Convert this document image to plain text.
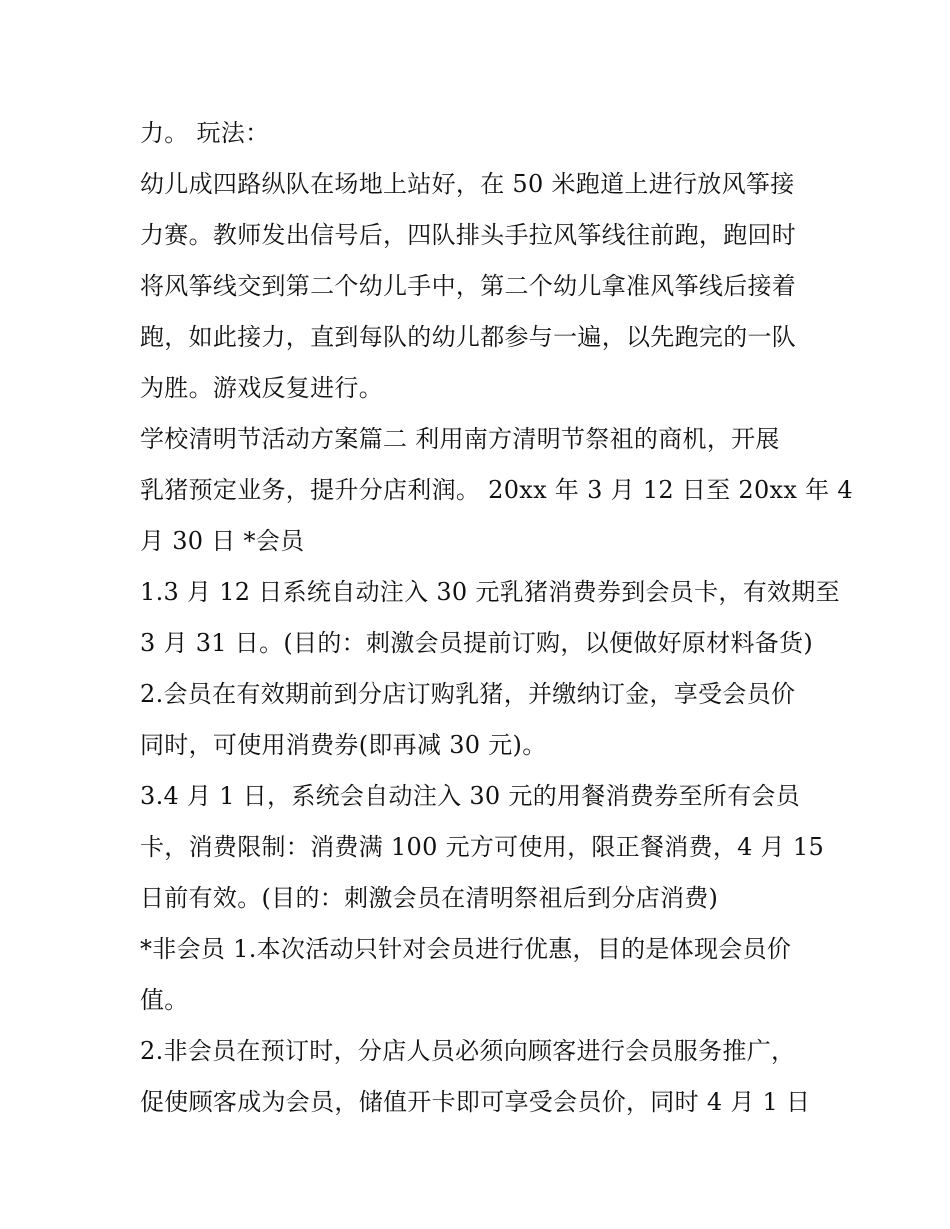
力。 玩法：
幼儿成四路纵队在场地上站好，在 50 米跑道上进行放风筝接
力赛。教师发出信号后，四队排头手拉风筝线往前跑，跑回时
将风筝线交到第二个幼儿手中，第二个幼儿拿准风筝线后接着
跑，如此接力，直到每队的幼儿都参与一遍，以先跑完的一队
为胜。游戏反复进行。
学校清明节活动方案篇二 利用南方清明节祭祖的商机，开展
乳猪预定业务，提升分店利润。 20xx 年 3 月 12 日至 20xx 年 4
月 30 日 *会员
1.3 月 12 日系统自动注入 30 元乳猪消费券到会员卡，有效期至
3 月 31 日。(目的：刺激会员提前订购，以便做好原材料备货)
2.会员在有效期前到分店订购乳猪，并缴纳订金，享受会员价
同时，可使用消费券(即再减 30 元)。
3.4 月 1 日，系统会自动注入 30 元的用餐消费券至所有会员
卡，消费限制：消费满 100 元方可使用，限正餐消费，4 月 15
日前有效。(目的：刺激会员在清明祭祖后到分店消费)
*非会员 1.本次活动只针对会员进行优惠，目的是体现会员价
值。
2.非会员在预订时，分店人员必须向顾客进行会员服务推广，
促使顾客成为会员，储值开卡即可享受会员价，同时 4 月 1 日
